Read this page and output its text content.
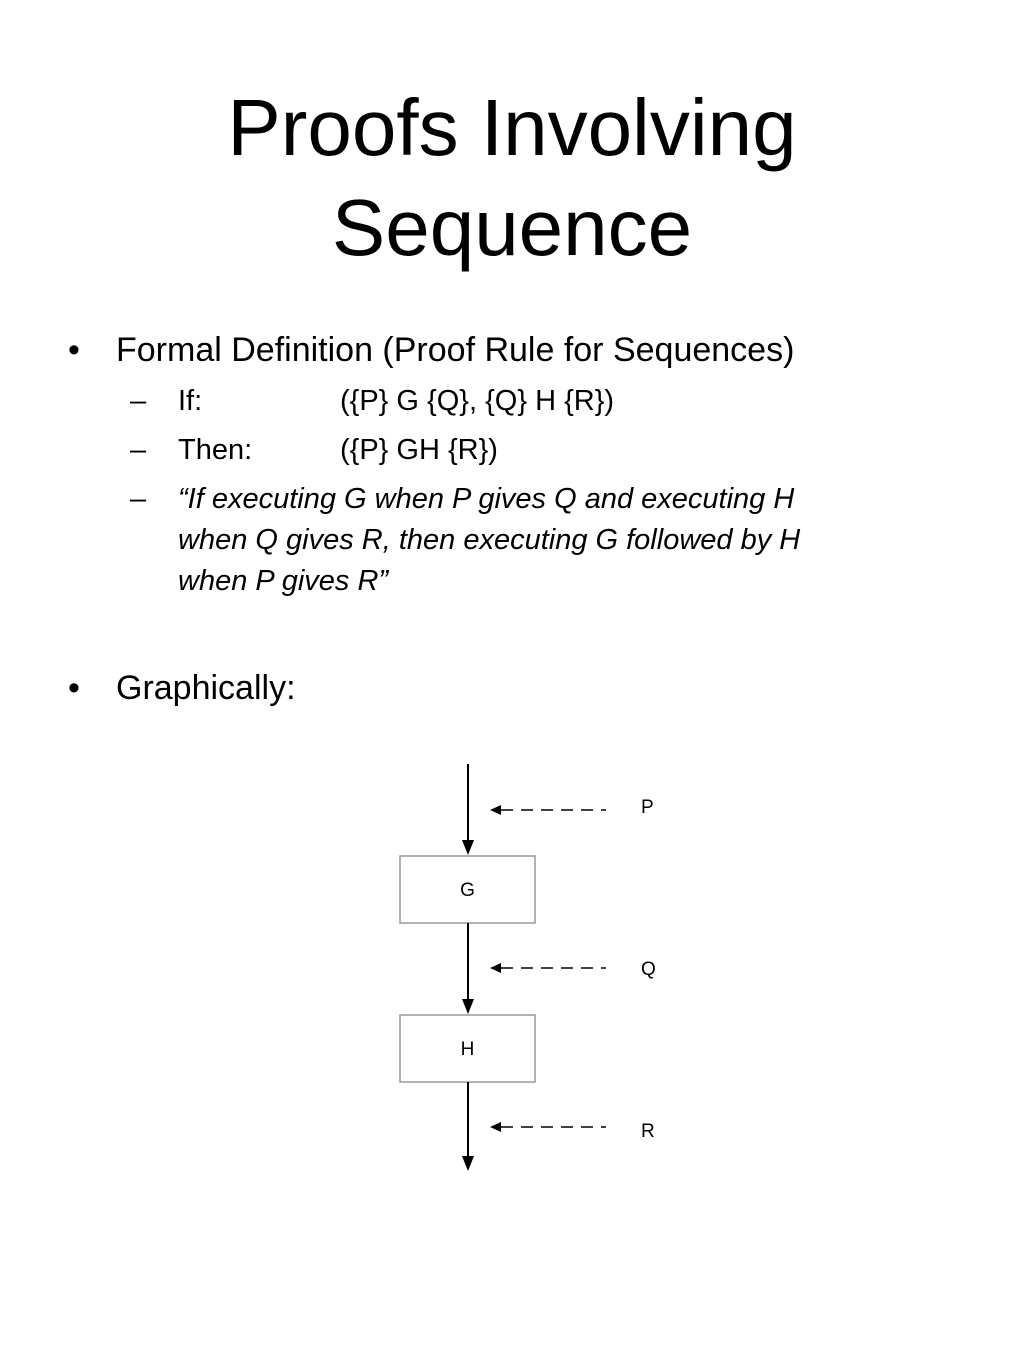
Proofs Involving
Sequence
• Formal Definition (Proof Rule for Sequences)
– If:	({P} G {Q}, {Q} H {R})
– Then:	({P} GH {R})
– “If executing G when P gives Q and executing H
when Q gives R, then executing G followed by H
when P gives R”
• Graphically:
G
H
P
Q
R
